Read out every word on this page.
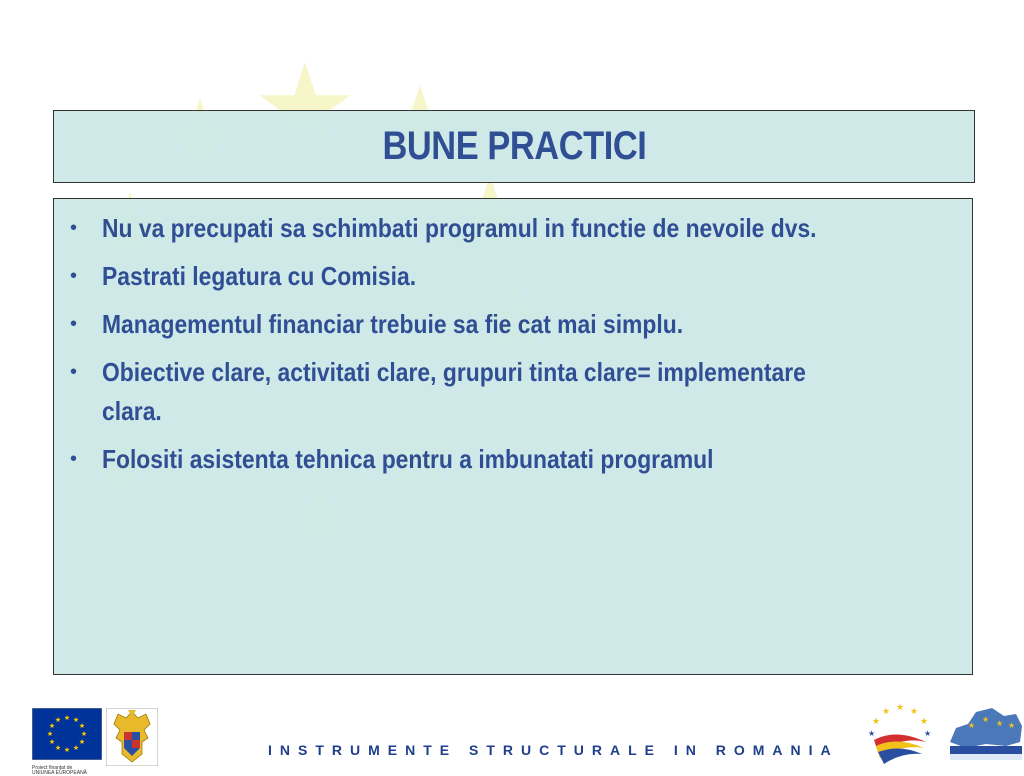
BUNE PRACTICI
• Nu va precupati sa schimbati programul in functie de nevoile dvs.
• Pastrati legatura cu Comisia.
• Managementul financiar trebuie sa fie cat mai simplu.
• Obiective clare, activitati clare, grupuri tinta clare= implementare clara.
• Folositi asistenta tehnica pentru a imbunatati programul
★ ★
★
★
★
★
★
★
★
★
★
★
Proiect finanţat de
UNIUNEA EUROPEANĂ
INSTRUMENTE STRUCTURALE IN ROMANIA
★
★ ★ ★
★
★	★
★
★ ★ ★
